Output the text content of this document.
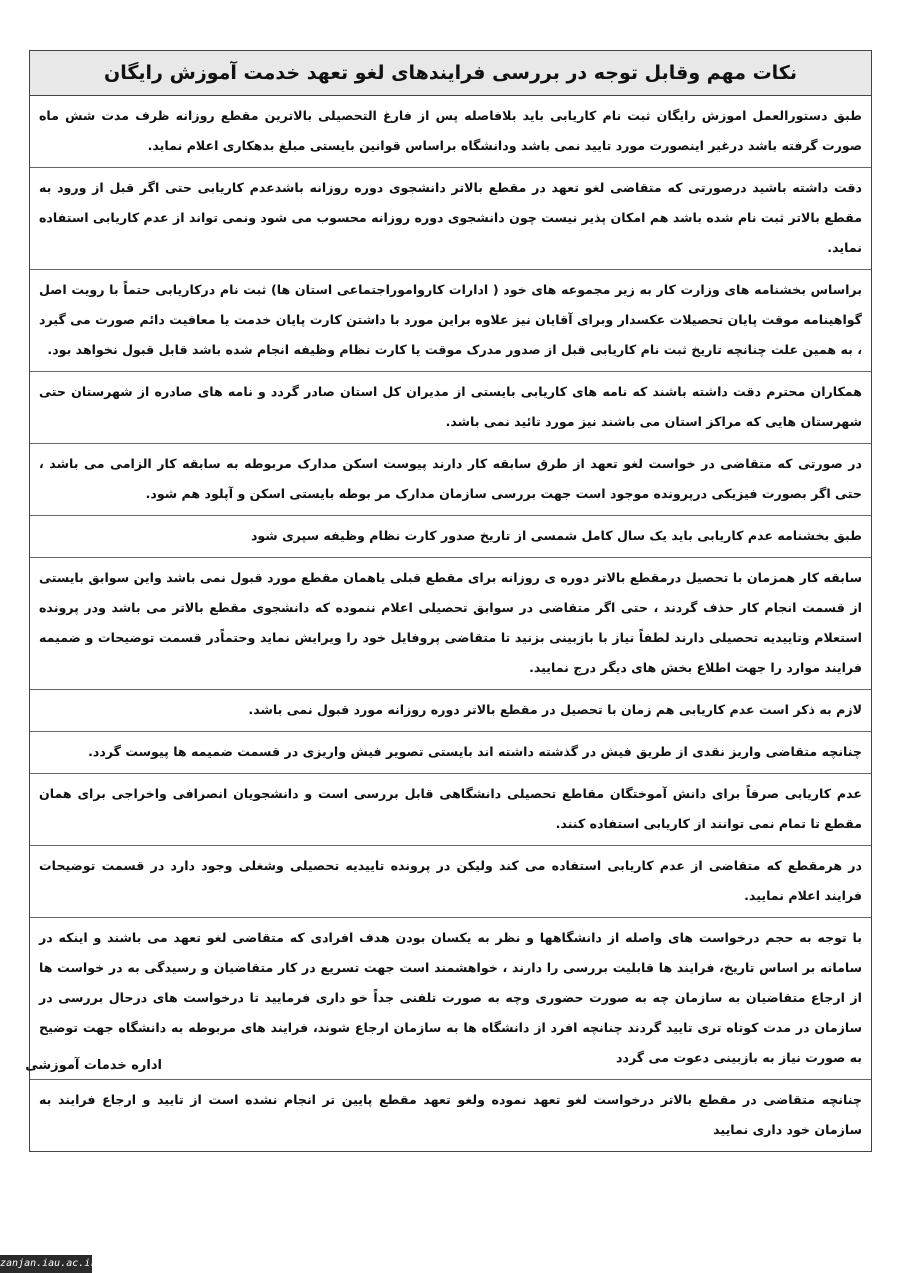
نکات مهم وقابل توجه در بررسی فرایندهای لغو تعهد خدمت آموزش رایگان
طبق دستورالعمل اموزش رایگان ثبت نام کاریابی باید بلافاصله پس از فارغ التحصیلی بالاترین مقطع روزانه ظرف مدت شش ماه صورت گرفته باشد درغیر اینصورت مورد تایید نمی باشد ودانشگاه براساس قوانین بایستی مبلغ بدهکاری اعلام نماید.
دقت داشته باشید درصورتی که متقاضی لغو تعهد در مقطع بالاتر دانشجوی دوره روزانه باشدعدم کاریابی حتی اگر قبل از ورود به مقطع بالاتر ثبت نام شده باشد هم امکان پذیر نیست چون دانشجوی دوره روزانه محسوب می شود ونمی تواند از عدم کاریابی استفاده نماید.
براساس بخشنامه های وزارت کار به زیر مجموعه های خود ( ادارات کارواموراجتماعی استان ها) ثبت نام درکاریابی حتماً با رویت اصل گواهینامه موقت پایان تحصیلات عکسدار وبرای آقایان نیز علاوه براین مورد با داشتن کارت پایان خدمت یا معافیت دائم صورت می گیرد ، به همین علت چنانچه تاریخ ثبت نام کاریابی قبل از صدور مدرک موقت یا کارت نظام وظیفه انجام شده باشد قابل قبول نخواهد بود.
همکاران محترم دقت داشته باشند که نامه های کاریابی بایستی از مدیران کل استان صادر گردد و نامه های صادره از شهرستان حتی شهرستان هایی که مراکز استان می باشند نیز مورد تائید نمی باشد.
در صورتی که متقاضی در خواست لغو تعهد از طرق سابقه کار دارند پیوست اسکن مدارک مربوطه به سابقه کار الزامی می باشد ، حتی اگر بصورت فیزیکی درپرونده موجود است جهت بررسی سازمان مدارک مر بوطه بایستی اسکن و آپلود هم شود.
طبق بخشنامه عدم کاریابی باید یک سال کامل شمسی از تاریخ صدور کارت نظام وظیفه سپری شود
سابقه کار همزمان با تحصیل درمقطع بالاتر دوره ی روزانه برای مقطع قبلی یاهمان مقطع مورد قبول نمی باشد واین سوابق بایستی از قسمت انجام کار حذف گردند ، حتی اگر متقاضی در سوابق تحصیلی اعلام ننموده که دانشجوی مقطع بالاتر می باشد ودر پرونده استعلام وتاییدیه تحصیلی دارند لطفاً نیاز با بازبینی بزنید تا متقاضی پروفایل خود را ویرایش نماید وحتماًدر قسمت توضیحات و ضمیمه فرایند موارد را جهت اطلاع بخش های دیگر درج نمایید.
لازم به ذکر است عدم کاریابی هم زمان با تحصیل در مقطع بالاتر دوره روزانه مورد قبول نمی باشد.
چنانچه متقاضی واریز نقدی از طریق فیش در گذشته داشته اند بایستی تصویر فیش واریزی در قسمت ضمیمه ها پیوست گردد.
عدم کاریابی صرفاً برای دانش آموختگان مقاطع تحصیلی دانشگاهی قابل بررسی است و دانشجویان انصرافی واخراجی برای همان مقطع تا تمام نمی توانند از کاریابی استفاده کنند.
در هرمقطع که متقاضی از عدم کاریابی استفاده می کند ولیکن در پرونده تاییدیه تحصیلی وشغلی وجود دارد در قسمت توضیحات فرایند اعلام نمایید.
با توجه به حجم درخواست های واصله از دانشگاهها و نظر به یکسان بودن هدف افرادی که متقاضی لغو تعهد می باشند و اینکه در سامانه بر اساس تاریخ، فرایند ها قابلیت بررسی را دارند ، خواهشمند است جهت تسریع در کار متقاضیان و رسیدگی به در خواست ها از ارجاع متقاضیان به سازمان چه به صورت حضوری وچه به صورت تلفنی جداً خو داری فرمایید تا درخواست های درحال بررسی در سازمان در مدت کوتاه تری تایید گردند چنانچه افرد از دانشگاه ها به سازمان ارجاع شوند، فرایند های مربوطه به دانشگاه جهت توضیح به صورت نیاز به بازبینی دعوت می گردد
چنانچه متقاضی در مقطع بالاتر درخواست لغو تعهد نموده ولغو تعهد مقطع پایین تر انجام نشده است از تایید و ارجاع فرایند به سازمان خود داری نمایید
اداره خدمات آموزشی
zanjan.iau.ac.ir
